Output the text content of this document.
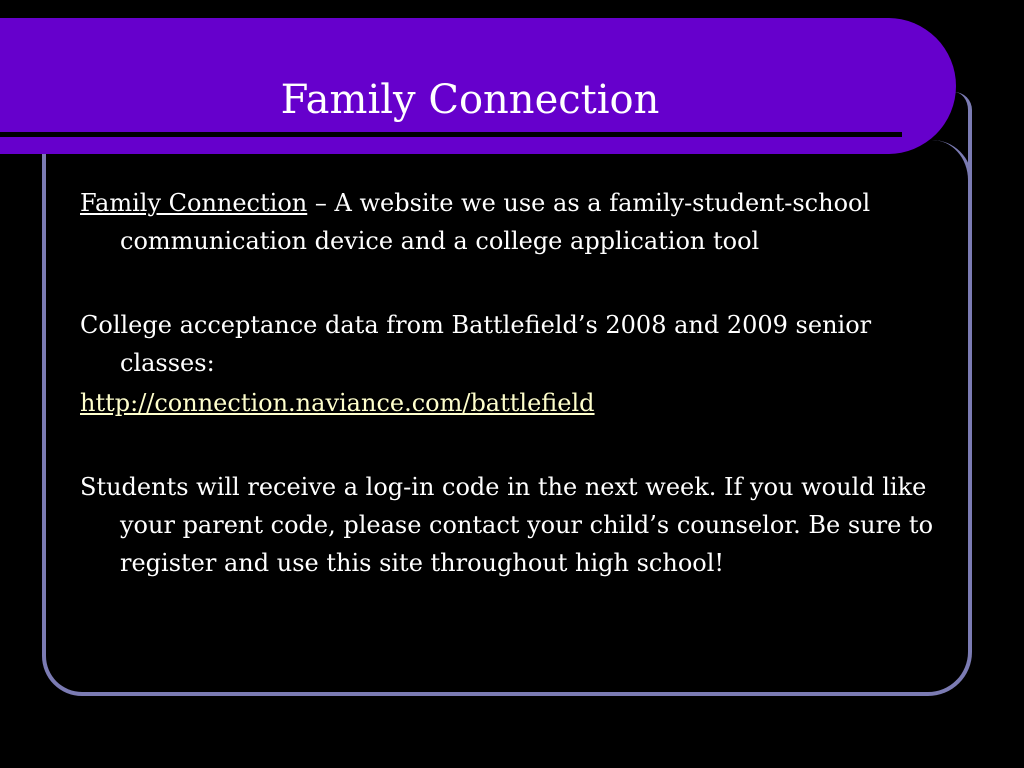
Family Connection

Family Connection – A website we use as a family-student-school communication device and a college application tool

College acceptance data from Battlefield’s 2008 and 2009 senior classes:

http://connection.naviance.com/battlefield

Students will receive a log-in code in the next week. If you would like your parent code, please contact your child’s counselor. Be sure to register and use this site throughout high school!
